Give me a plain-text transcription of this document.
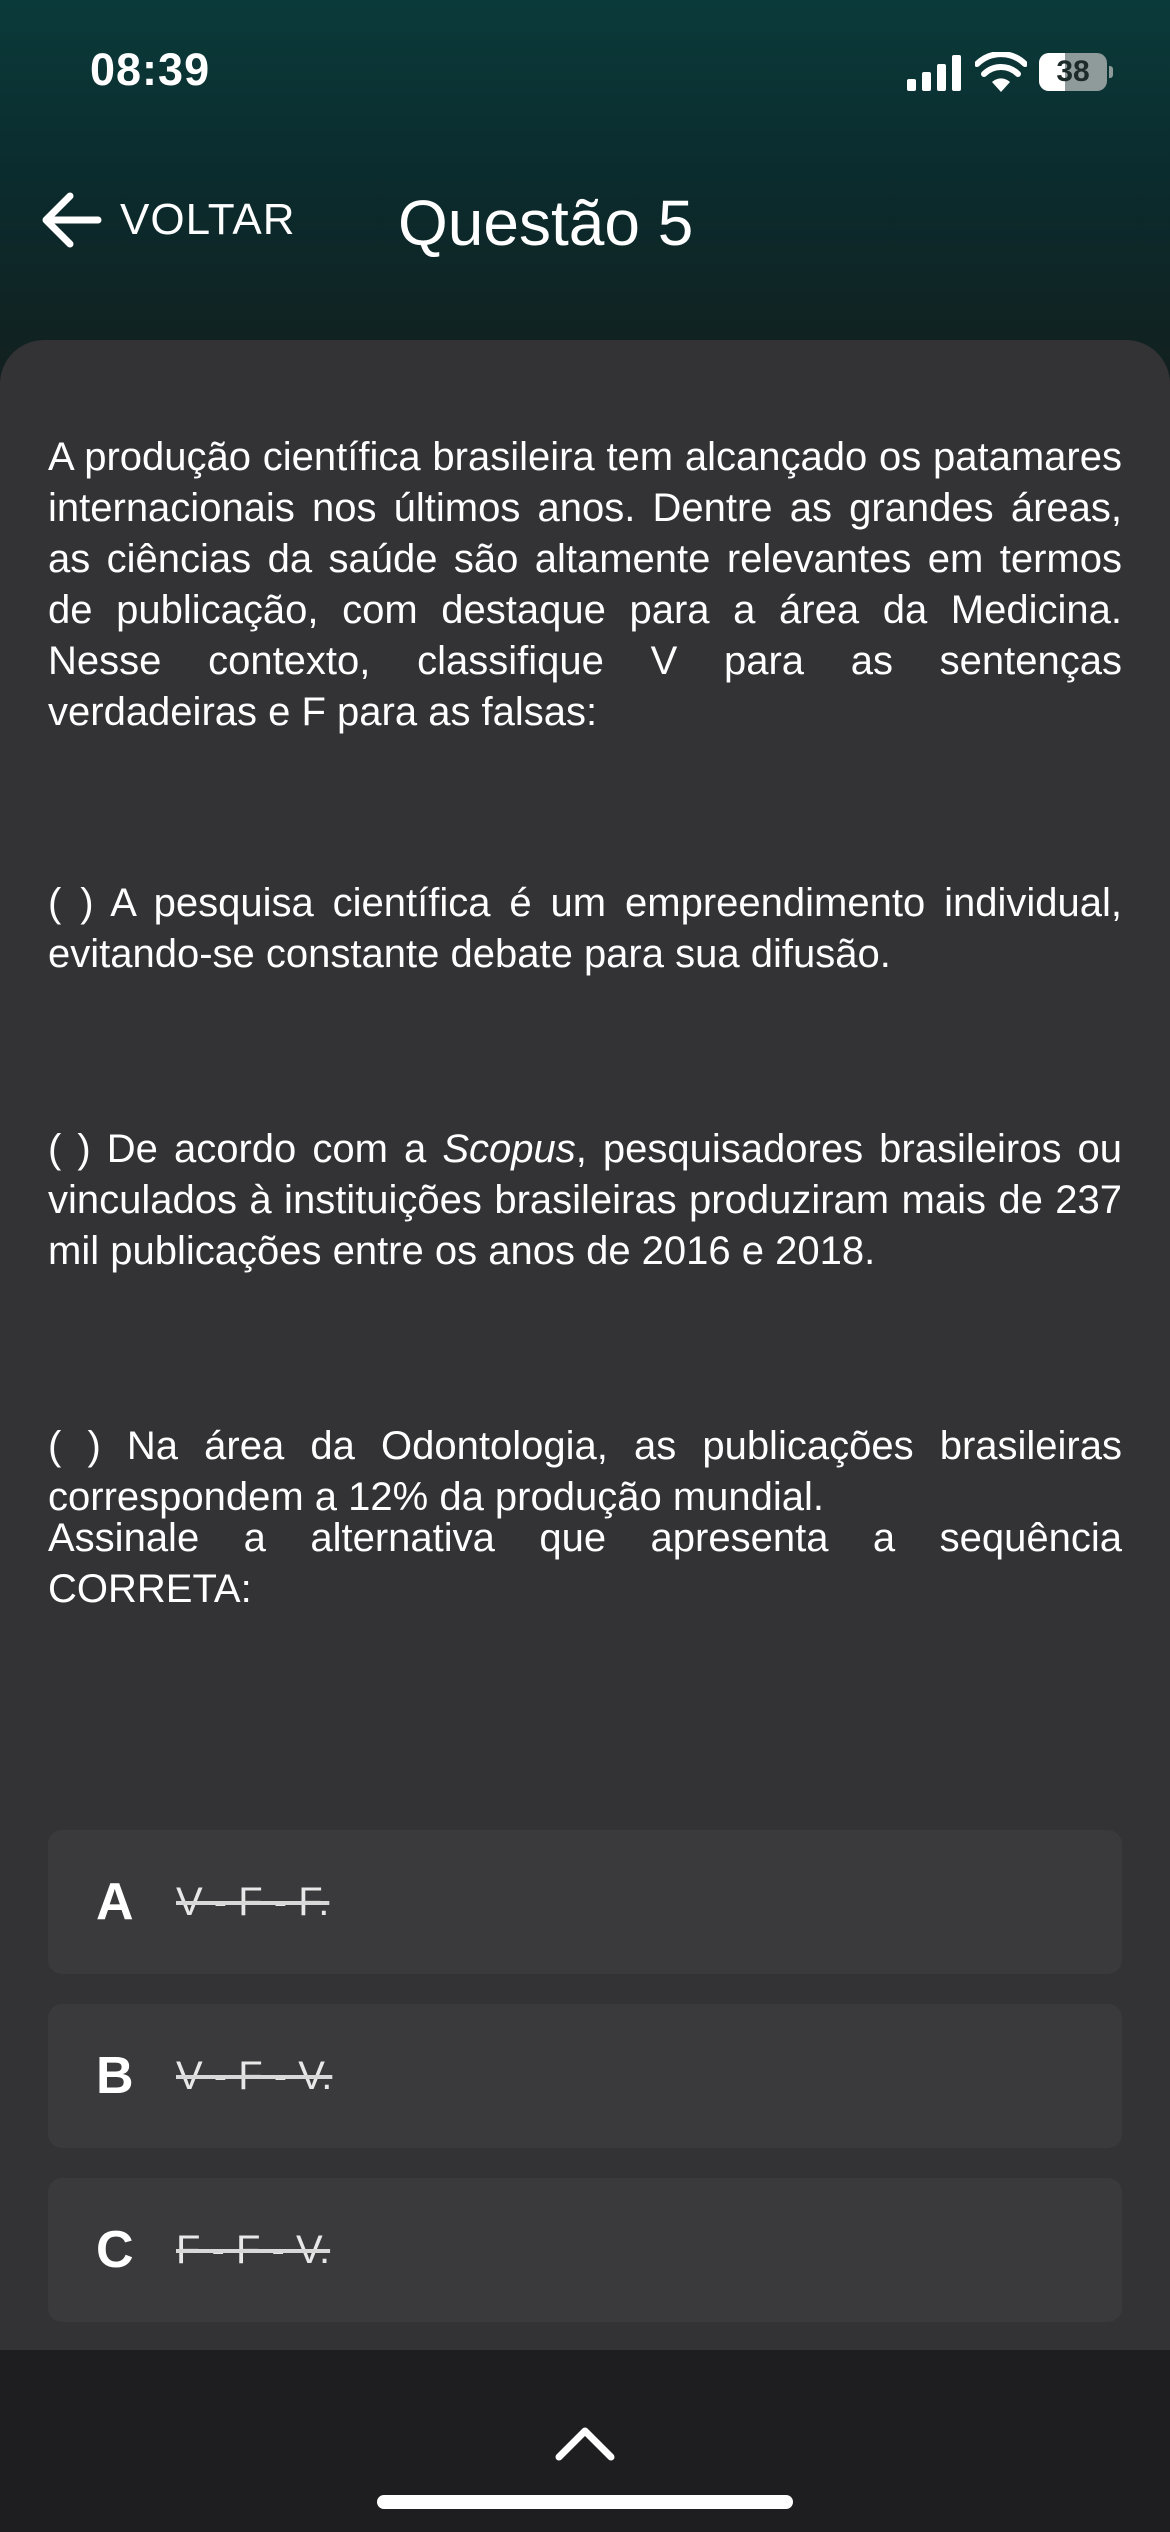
08:39	38
VOLTAR Questão 5

A produção científica brasileira tem alcançado os patamares internacionais nos últimos anos. Dentre as grandes áreas, as ciências da saúde são altamente relevantes em termos de publicação, com destaque para a área da Medicina. Nesse contexto, classifique V para as sentenças verdadeiras e F para as falsas:

( ) A pesquisa científica é um empreendimento individual, evitando-se constante debate para sua difusão.

( ) De acordo com a Scopus, pesquisadores brasileiros ou vinculados à instituições brasileiras produziram mais de 237 mil publicações entre os anos de 2016 e 2018.

( ) Na área da Odontologia, as publicações brasileiras correspondem a 12% da produção mundial.

Assinale a alternativa que apresenta a sequência CORRETA:

A	V - F - F.
B	V - F - V.
C	F - F - V.
